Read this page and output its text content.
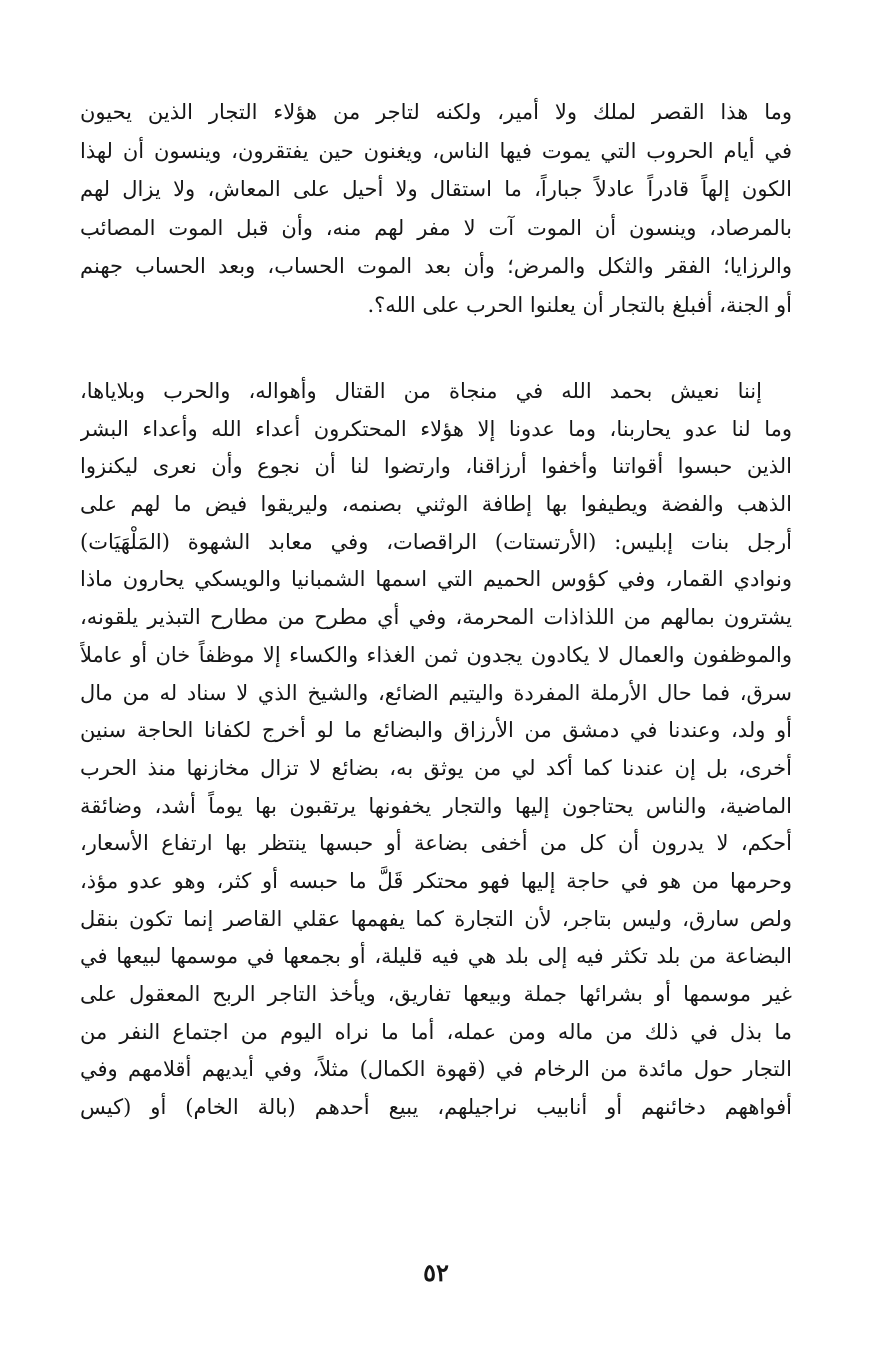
وما هذا القصر لملك ولا أمير، ولكنه لتاجر من هؤلاء التجار الذين يحيون
في أيام الحروب التي يموت فيها الناس، ويغنون حين يفتقرون، وينسون أن لهذا
الكون إلهاً قادراً عادلاً جباراً، ما استقال ولا أحيل على المعاش، ولا يزال لهم
بالمرصاد، وينسون أن الموت آت لا مفر لهم منه، وأن قبل الموت المصائب
والرزايا؛ الفقر والثكل والمرض؛ وأن بعد الموت الحساب، وبعد الحساب جهنم
أو الجنة، أفبلغ بالتجار أن يعلنوا الحرب على الله؟.
إننا نعيش بحمد الله في منجاة من القتال وأهواله، والحرب وبلاياها،
وما لنا عدو يحاربنا، وما عدونا إلا هؤلاء المحتكرون أعداء الله وأعداء البشر
الذين حبسوا أقواتنا وأخفوا أرزاقنا، وارتضوا لنا أن نجوع وأن نعرى ليكنزوا
الذهب والفضة ويطيفوا بها إطافة الوثني بصنمه، وليريقوا فيض ما لهم على
أرجل بنات إبليس: (الأرتستات) الراقصات، وفي معابد الشهوة (المَلْهَيَات)
ونوادي القمار، وفي كؤوس الحميم التي اسمها الشمبانيا والويسكي يحارون ماذا
يشترون بمالهم من اللذاذات المحرمة، وفي أي مطرح من مطارح التبذير يلقونه،
والموظفون والعمال لا يكادون يجدون ثمن الغذاء والكساء إلا موظفاً خان أو عاملاً
سرق، فما حال الأرملة المفردة واليتيم الضائع، والشيخ الذي لا سناد له من مال
أو ولد، وعندنا في دمشق من الأرزاق والبضائع ما لو أخرج لكفانا الحاجة سنين
أخرى، بل إن عندنا كما أكد لي من يوثق به، بضائع لا تزال مخازنها منذ الحرب
الماضية، والناس يحتاجون إليها والتجار يخفونها يرتقبون بها يوماً أشد، وضائقة
أحكم، لا يدرون أن كل من أخفى بضاعة أو حبسها ينتظر بها ارتفاع الأسعار،
وحرمها من هو في حاجة إليها فهو محتكر قَلَّ ما حبسه أو كثر، وهو عدو مؤذ،
ولص سارق، وليس بتاجر، لأن التجارة كما يفهمها عقلي القاصر إنما تكون بنقل
البضاعة من بلد تكثر فيه إلى بلد هي فيه قليلة، أو بجمعها في موسمها لبيعها في
غير موسمها أو بشرائها جملة وبيعها تفاريق، ويأخذ التاجر الربح المعقول على
ما بذل في ذلك من ماله ومن عمله، أما ما نراه اليوم من اجتماع النفر من
التجار حول مائدة من الرخام في (قهوة الكمال) مثلاً، وفي أيديهم أقلامهم وفي
أفواههم دخائنهم أو أنابيب نراجيلهم، يبيع أحدهم (بالة الخام) أو (كيس
٥٢
